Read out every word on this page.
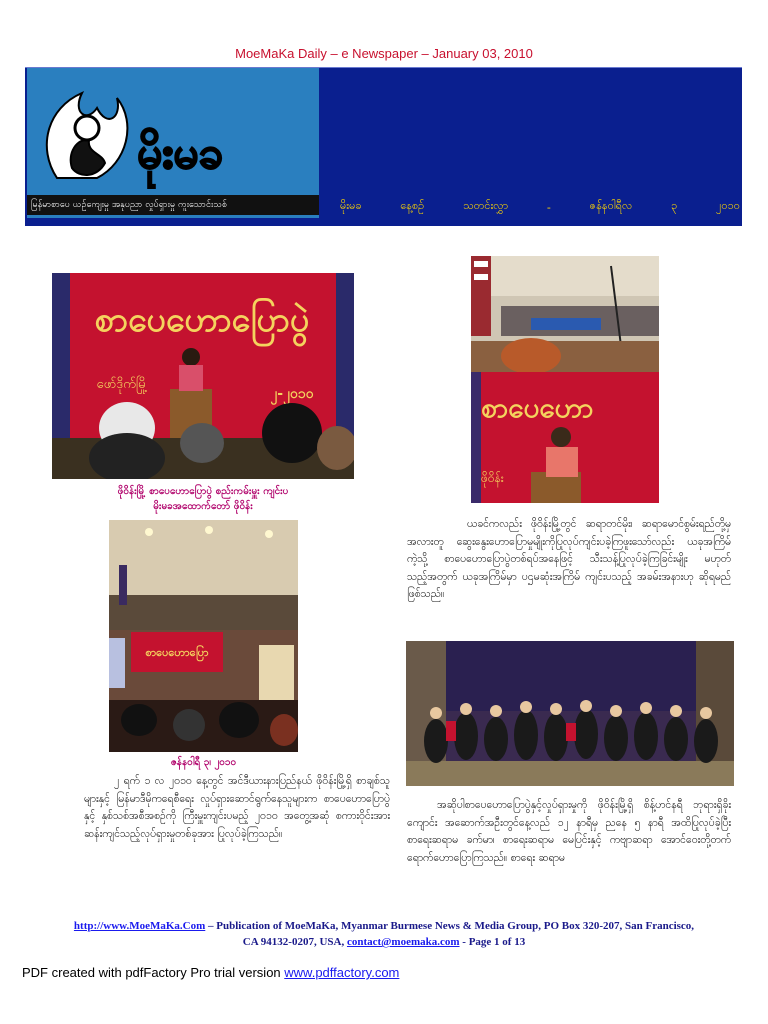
MoeMaKa Daily – e Newspaper – January 03, 2010
မိုးမခ
မြန်မာစာပေ ယဉ်ကျေးမှု အနုပညာ လှုပ်ရှားမှု ကူးသောင်းသစ်	မိုးမခ	နေ့စဉ်	သတင်းလွှာ	-	ဇန်နဝါရီလ	၃	၂၀၁၀
စာပေဟောပြောပွဲ
ဖော်ဒိုက်မြို့
၂-၂၀၁၀
ဖိုဝိန်းမြို့ စာပေဟောပြောပွဲ စည်းကမ်းမှူး ကျင်းပ
မိုးမခအထောက်တော် ဖိုဝိန်း
စာပေဟောပြော
ဇန်နဝါရီ ၃၊ ၂၀၁၀
စာပေဟော
ဖိုဝိန်း
၂ ရက် ၁ လ ၂၀၁၀ နေ့တွင် အင်ဒီယားနားပြည်နယ် ဖိုဝိန်းမြို့ရှိ စာချစ်သူများနှင့် မြန်မာဒီမိုကရေစီရေး လှုပ်ရှားဆောင်ရွက်နေသူများက စာပေဟောပြောပွဲနှင့် နှစ်သစ်အစီအစဉ်ကို ကြီးမှူးကျင်းပမည့် ၂၀၁၀ အတွေ့အဆုံ စကားဝိုင်းအား ဆန်းကျင်သည့်လုပ်ရှားမှုတစ်ခုအား ပြုလုပ်ခဲ့ကြသည်။
ယခင်ကလည်း ဖိုဝိန်းမြို့တွင် ဆရာတင်မိုး၊ ဆရာမောင်စွမ်းရည်တို့မှ အလားတူ ဆွေးနွေးဟောပြောမှုမျိုးကိုပြုလုပ်ကျင်းပခဲ့ကြဖူးသော်လည်း ယခုအကြိမ်ကဲ့သို့ စာပေဟောပြောပွဲတစ်ရပ်အနေဖြင့် သီးသန့်ပြုလုပ်ခဲ့ကြခြင်းမျိုး မဟုတ်သည့်အတွက် ယခုအကြိမ်မှာ ပဌမဆုံးအကြိမ် ကျင်းပသည့် အခမ်းအနားဟု ဆိုရမည်ဖြစ်သည်။
အဆိုပါစာပေဟောပြောပွဲနှင့်လှုပ်ရှားမှုကို ဖိုဝိန်းမြို့ရှိ စိန့်ဟင်နရီ ဘုရားရှိခိုးကျောင်း အဆောက်အဦးတွင်နေ့လည် ၁၂ နာရီမှ ညနေ ၅ နာရီ အထိပြုလုပ်ခဲ့ပြီး စာရေးဆရာမ ခက်မာ၊ စာရေးဆရာမ မေပြင်းနှင့် ကဗျာဆရာ အောင်ဝေးတို့တက်ရောက်ဟောပြောကြသည်။ စာရေး ဆရာမ
http://www.MoeMaKa.Com – Publication of MoeMaKa, Myanmar Burmese News & Media Group, PO Box 320-207, San Francisco,
CA 94132-0207, USA, contact@moemaka.com - Page 1 of 13
PDF created with pdfFactory Pro trial version www.pdffactory.com
